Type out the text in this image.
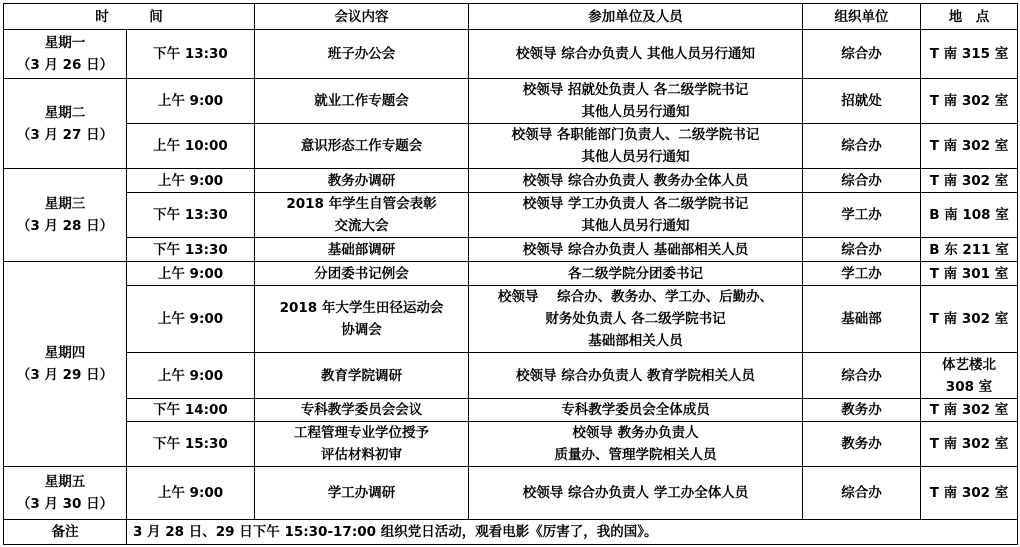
时　　　间		会议内容	参加单位及人员	组织单位	地　点

星期一
（3 月 26 日）	下午 13:30	班子办公会	校领导 综合办负责人 其他人员另行通知	综合办	T 南 315 室

星期二
（3 月 27 日）	上午 9:00	就业工作专题会	校领导 招就处负责人 各二级学院书记
其他人员另行通知	招就处	T 南 302 室

	上午 10:00	意识形态工作专题会	校领导 各职能部门负责人、二级学院书记
其他人员另行通知	综合办	T 南 302 室

星期三
（3 月 28 日）	上午 9:00	教务办调研	校领导 综合办负责人 教务办全体人员	综合办	T 南 302 室

	下午 13:30	2018 年学生自管会表彰
交流大会	校领导 学工办负责人 各二级学院书记
其他人员另行通知	学工办	B 南 108 室

	下午 13:30	基础部调研	校领导 综合办负责人 基础部相关人员	综合办	B 东 211 室

星期四
（3 月 29 日）	上午 9:00	分团委书记例会	各二级学院分团委书记	学工办	T 南 301 室

	上午 9:00	2018 年大学生田径运动会
协调会	校领导    综合办、教务办、学工办、后勤办、
财务处负责人 各二级学院书记
基础部相关人员	基础部	T 南 302 室

	上午 9:00	教育学院调研	校领导 综合办负责人 教育学院相关人员	综合办	体艺楼北
308 室

	下午 14:00	专科教学委员会会议	专科教学委员会全体成员	教务办	T 南 302 室

	下午 15:30	工程管理专业学位授予
评估材料初审	校领导 教务办负责人
质量办、管理学院相关人员	教务办	T 南 302 室

星期五
（3 月 30 日）	上午 9:00	学工办调研	校领导 综合办负责人 学工办全体人员	综合办	T 南 302 室

备注	3 月 28 日、29 日下午 15:30-17:00 组织党日活动，观看电影《厉害了，我的国》。				
